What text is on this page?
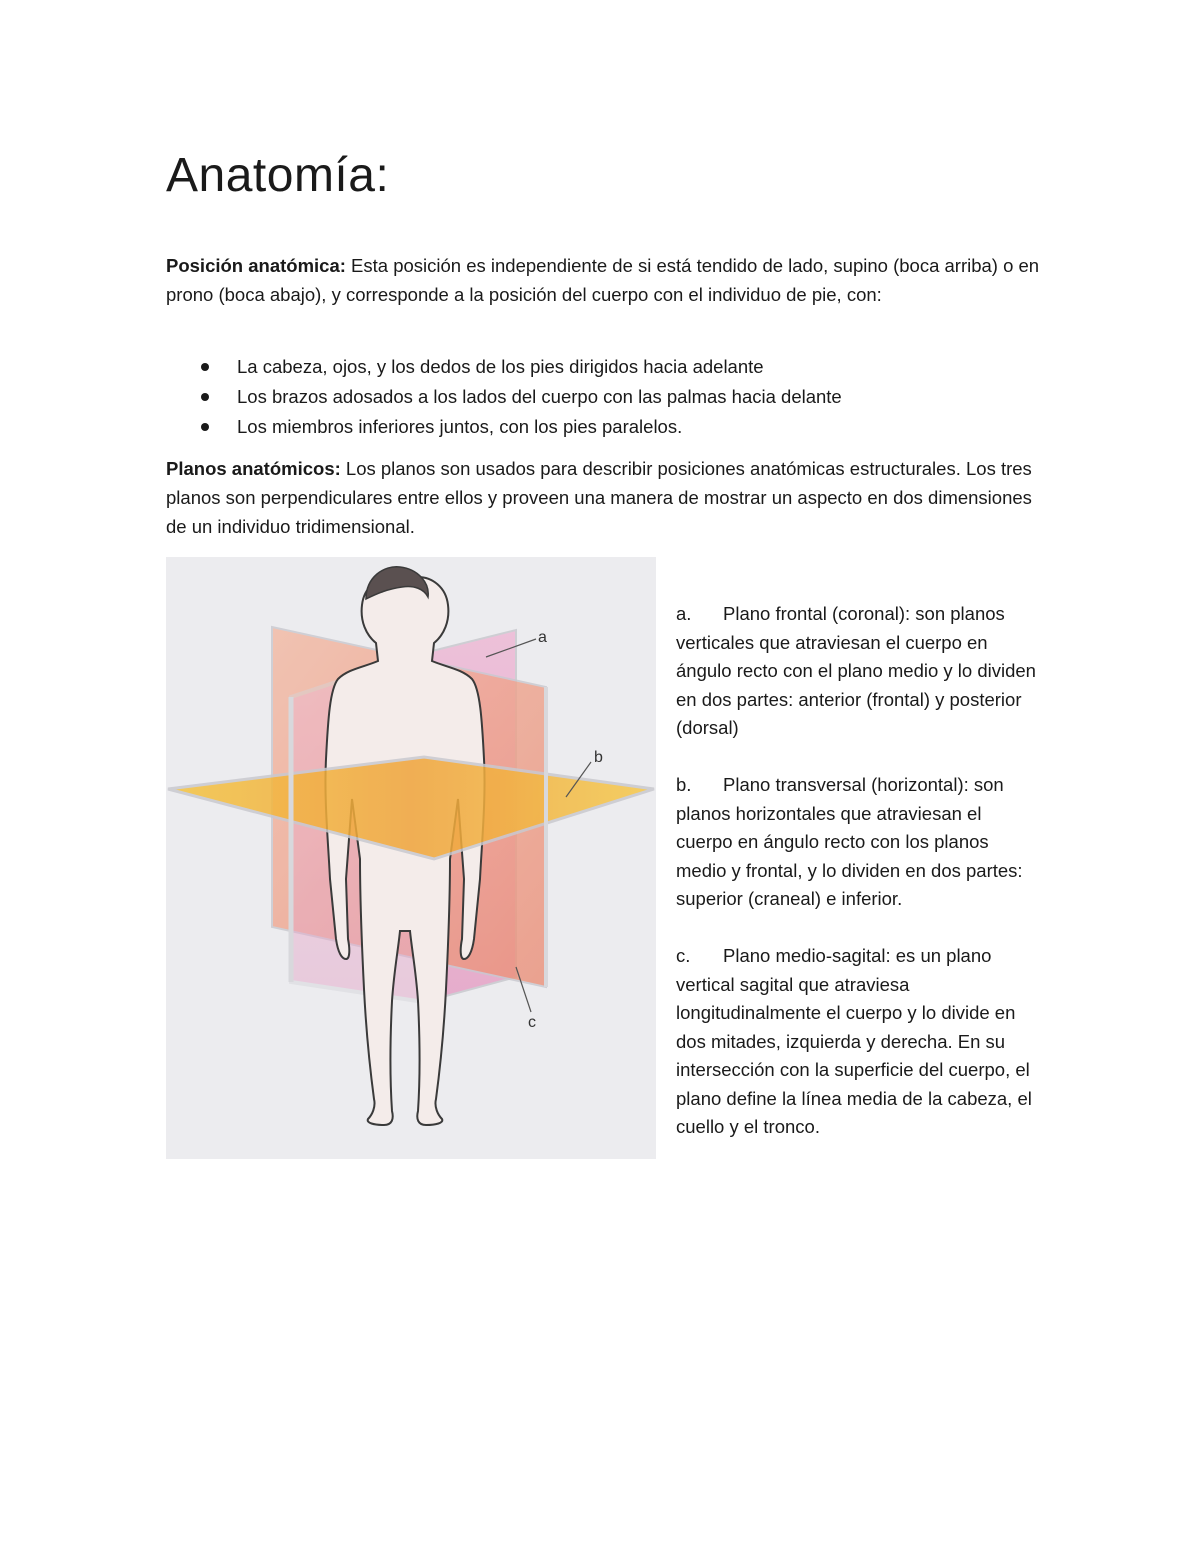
Anatomía:

Posición anatómica: Esta posición es independiente de si está tendido de lado, supino (boca arriba) o en prono (boca abajo), y corresponde a la posición del cuerpo con el individuo de pie, con:

La cabeza, ojos, y los dedos de los pies dirigidos hacia adelante
Los brazos adosados a los lados del cuerpo con las palmas hacia delante
Los miembros inferiores juntos, con los pies paralelos.

Planos anatómicos: Los planos son usados para describir posiciones anatómicas estructurales. Los tres planos son perpendiculares entre ellos y proveen una manera de mostrar un aspecto en dos dimensiones de un individuo tridimensional.

a
b
c
a. Plano frontal (coronal): son planos verticales que atraviesan el cuerpo en ángulo recto con el plano medio y lo dividen en dos partes: anterior (frontal) y posterior (dorsal)
b. Plano transversal (horizontal): son planos horizontales que atraviesan el cuerpo en ángulo recto con los planos medio y frontal, y lo dividen en dos partes: superior (craneal) e inferior.
c. Plano medio-sagital: es un plano vertical sagital que atraviesa longitudinalmente el cuerpo y lo divide en dos mitades, izquierda y derecha. En su intersección con la superficie del cuerpo, el plano define la línea media de la cabeza, el cuello y el tronco.
